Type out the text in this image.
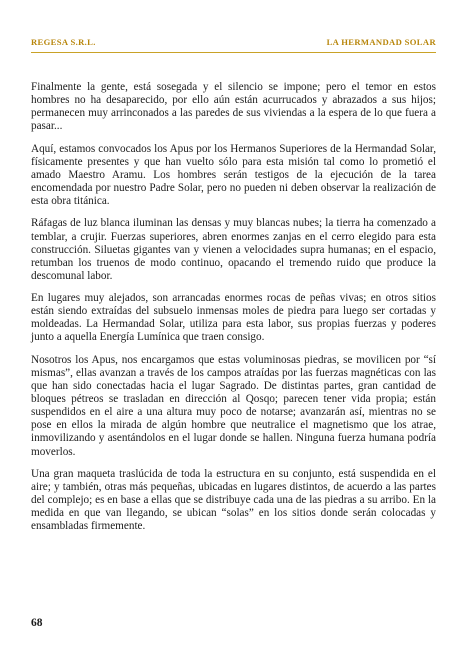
REGESA S.R.L.	LA HERMANDAD SOLAR

Finalmente la gente, está sosegada y el silencio se impone; pero el temor en estos hombres no ha desaparecido, por ello aún están acurrucados y abrazados a sus hijos; permanecen muy arrinconados a las paredes de sus viviendas a la espera de lo que fuera a pasar...

Aquí, estamos convocados los Apus por los Hermanos Superiores de la Hermandad Solar, físicamente presentes y que han vuelto sólo para esta misión tal como lo prometió el amado Maestro Aramu. Los hombres serán testigos de la ejecución de la tarea encomendada por nuestro Padre Solar, pero no pueden ni deben observar la realización de esta obra titánica.

Ráfagas de luz blanca iluminan las densas y muy blancas nubes; la tierra ha comenzado a temblar, a crujir. Fuerzas superiores, abren enormes zanjas en el cerro elegido para esta construcción. Siluetas gigantes van y vienen a velocidades supra humanas; en el espacio, retumban los truenos de modo continuo, opacando el tremendo ruido que produce la descomunal labor.

En lugares muy alejados, son arrancadas enormes rocas de peñas vivas; en otros sitios están siendo extraídas del subsuelo inmensas moles de piedra para luego ser cortadas y moldeadas. La Hermandad Solar, utiliza para esta labor, sus propias fuerzas y poderes junto a aquella Energía Lumínica que traen consigo.

Nosotros los Apus, nos encargamos que estas voluminosas piedras, se movilicen por “sí mismas”, ellas avanzan a través de los campos atraídas por las fuerzas magnéticas con las que han sido conectadas hacia el lugar Sagrado. De distintas partes, gran cantidad de bloques pétreos se trasladan en dirección al Qosqo; parecen tener vida propia; están suspendidos en el aire a una altura muy poco de notarse; avanzarán así, mientras no se pose en ellos la mirada de algún hombre que neutralice el magnetismo que los atrae, inmovilizando y asentándolos en el lugar donde se hallen. Ninguna fuerza humana podría moverlos.

Una gran maqueta traslúcida de toda la estructura en su conjunto, está suspendida en el aire; y también, otras más pequeñas, ubicadas en lugares distintos, de acuerdo a las partes del complejo; es en base a ellas que se distribuye cada una de las piedras a su arribo. En la medida en que van llegando, se ubican “solas” en los sitios donde serán colocadas y ensambladas firmemente.

68
